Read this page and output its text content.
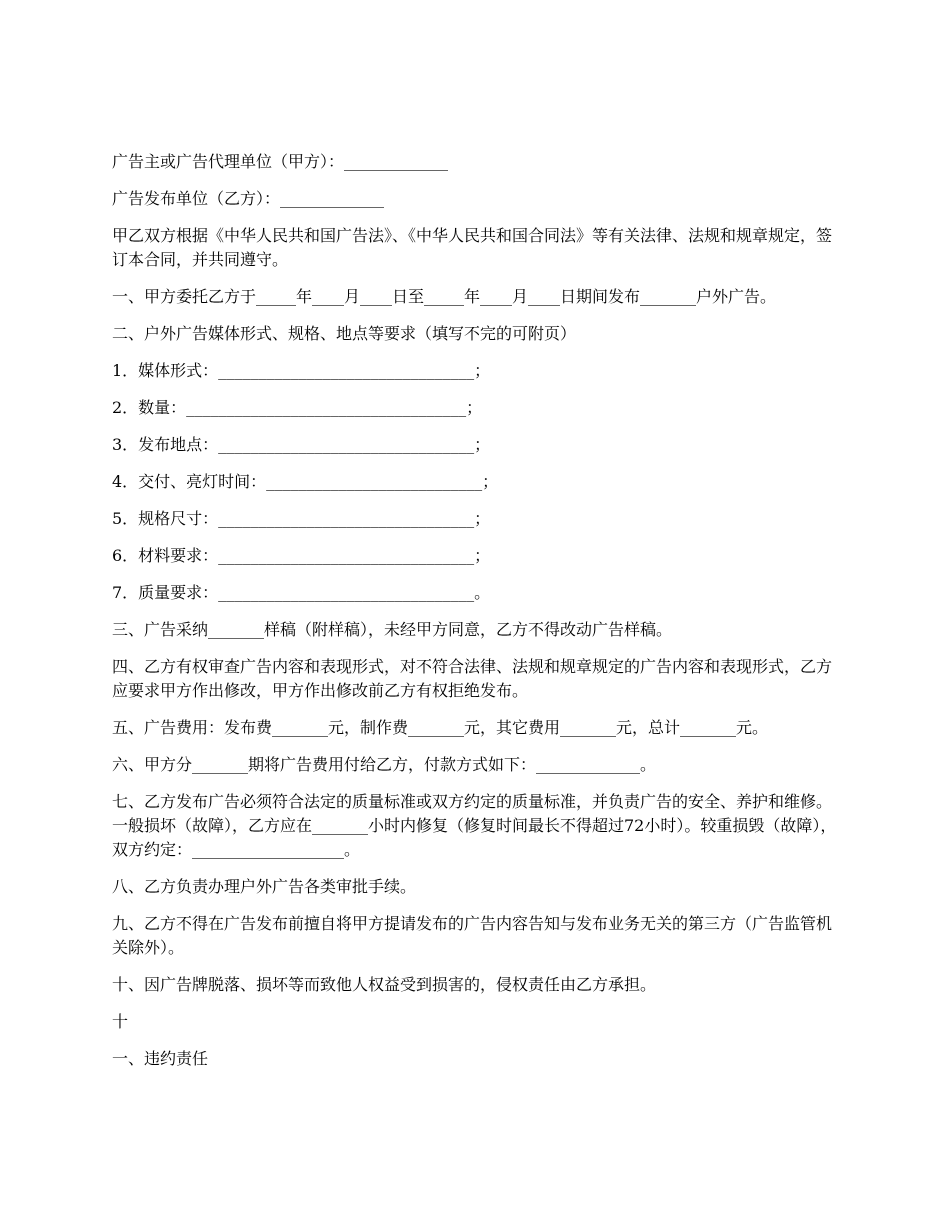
广告主或广告代理单位（甲方）：_____________

广告发布单位（乙方）：_____________

甲乙双方根据《中华人民共和国广告法》、《中华人民共和国合同法》等有关法律、法规和规章规定，签订本合同，并共同遵守。

一、甲方委托乙方于_____年____月____日至_____年____月____日期间发布_______户外广告。

二、户外广告媒体形式、规格、地点等要求（填写不完的可附页）

1．媒体形式：________________________________；

2．数量：___________________________________；

3．发布地点：________________________________；

4．交付、亮灯时间：___________________________；

5．规格尺寸：________________________________；

6．材料要求：________________________________；

7．质量要求：________________________________。

三、广告采纳_______样稿（附样稿），未经甲方同意，乙方不得改动广告样稿。

四、乙方有权审查广告内容和表现形式，对不符合法律、法规和规章规定的广告内容和表现形式，乙方应要求甲方作出修改，甲方作出修改前乙方有权拒绝发布。

五、广告费用：发布费_______元，制作费_______元，其它费用_______元，总计_______元。

六、甲方分_______期将广告费用付给乙方，付款方式如下：_____________。

七、乙方发布广告必须符合法定的质量标准或双方约定的质量标准，并负责广告的安全、养护和维修。一般损坏（故障），乙方应在_______小时内修复（修复时间最长不得超过72小时）。较重损毁（故障），双方约定：___________________。

八、乙方负责办理户外广告各类审批手续。

九、乙方不得在广告发布前擅自将甲方提请发布的广告内容告知与发布业务无关的第三方（广告监管机关除外）。

十、因广告牌脱落、损坏等而致他人权益受到损害的，侵权责任由乙方承担。

十

一、违约责任
